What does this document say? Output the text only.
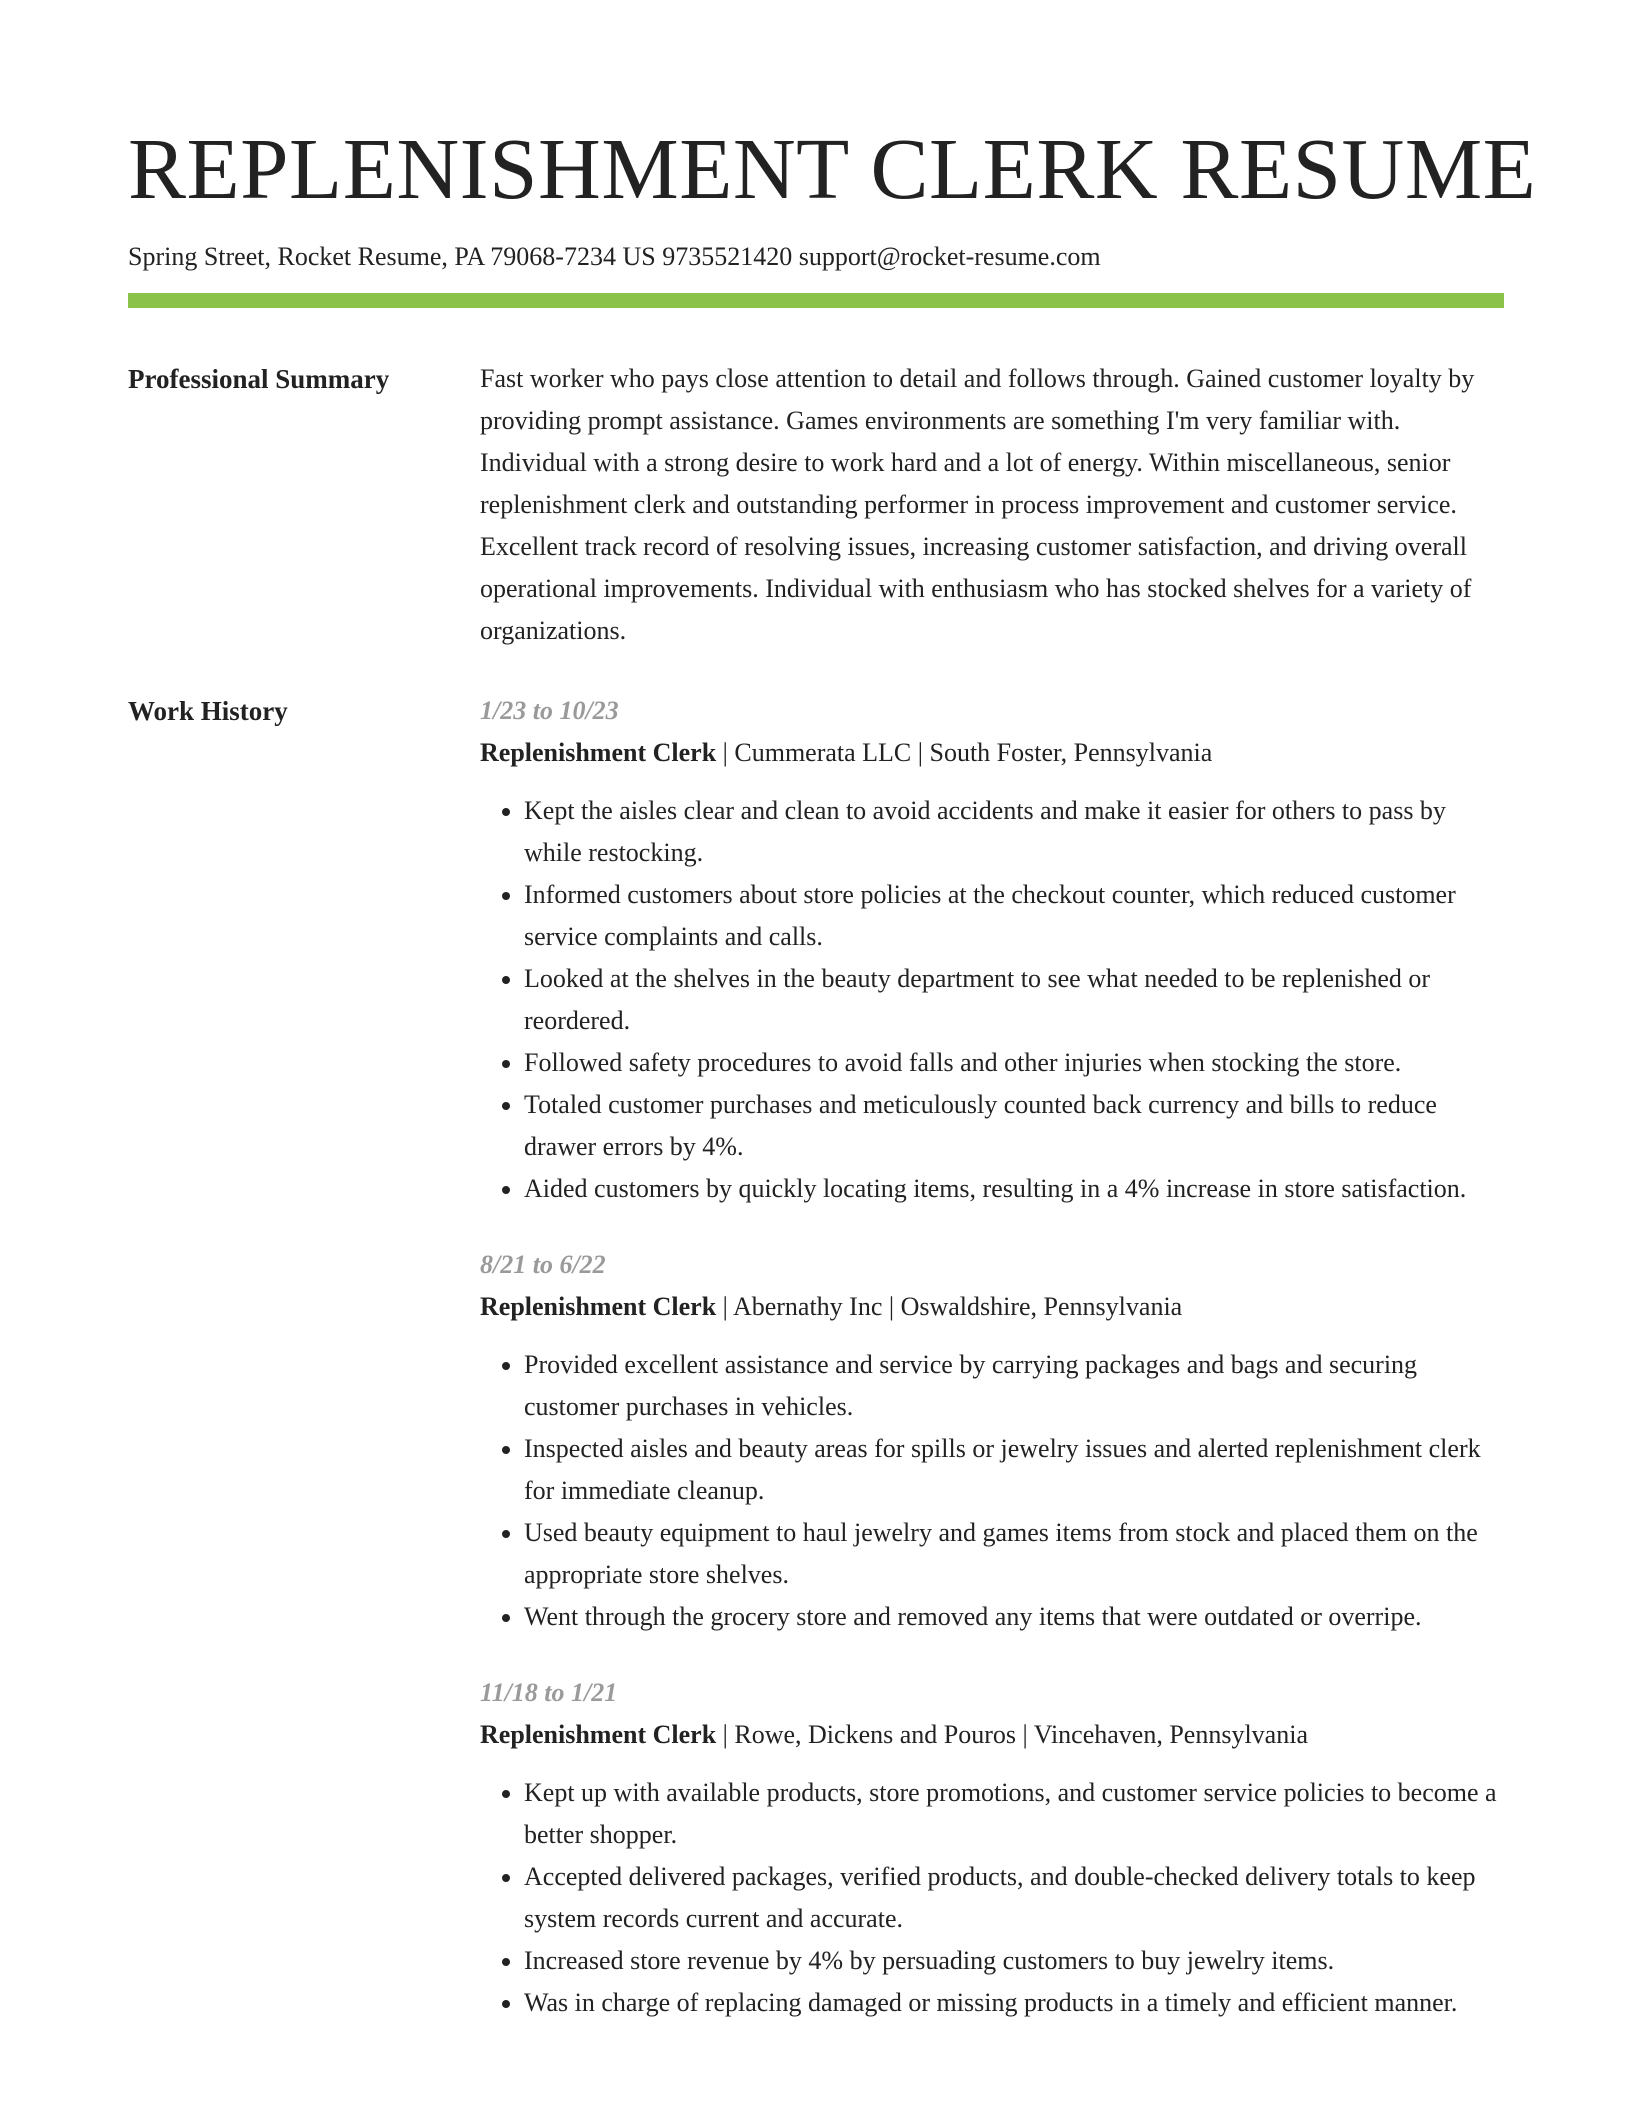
REPLENISHMENT CLERK RESUME
Spring Street, Rocket Resume, PA 79068-7234 US 9735521420 support@rocket-resume.com
Professional Summary	Fast worker who pays close attention to detail and follows through. Gained customer loyalty by providing prompt assistance. Games environments are something I'm very familiar with. Individual with a strong desire to work hard and a lot of energy. Within miscellaneous, senior replenishment clerk and outstanding performer in process improvement and customer service. Excellent track record of resolving issues, increasing customer satisfaction, and driving overall operational improvements. Individual with enthusiasm who has stocked shelves for a variety of organizations.

Work History	1/23 to 10/23
Replenishment Clerk | Cummerata LLC | South Foster, Pennsylvania
• Kept the aisles clear and clean to avoid accidents and make it easier for others to pass by while restocking.
• Informed customers about store policies at the checkout counter, which reduced customer service complaints and calls.
• Looked at the shelves in the beauty department to see what needed to be replenished or reordered.
• Followed safety procedures to avoid falls and other injuries when stocking the store.
• Totaled customer purchases and meticulously counted back currency and bills to reduce drawer errors by 4%.
• Aided customers by quickly locating items, resulting in a 4% increase in store satisfaction.
8/21 to 6/22
Replenishment Clerk | Abernathy Inc | Oswaldshire, Pennsylvania
• Provided excellent assistance and service by carrying packages and bags and securing customer purchases in vehicles.
• Inspected aisles and beauty areas for spills or jewelry issues and alerted replenishment clerk for immediate cleanup.
• Used beauty equipment to haul jewelry and games items from stock and placed them on the appropriate store shelves.
• Went through the grocery store and removed any items that were outdated or overripe.
11/18 to 1/21
Replenishment Clerk | Rowe, Dickens and Pouros | Vincehaven, Pennsylvania
• Kept up with available products, store promotions, and customer service policies to become a better shopper.
• Accepted delivered packages, verified products, and double-checked delivery totals to keep system records current and accurate.
• Increased store revenue by 4% by persuading customers to buy jewelry items.
• Was in charge of replacing damaged or missing products in a timely and efficient manner.
